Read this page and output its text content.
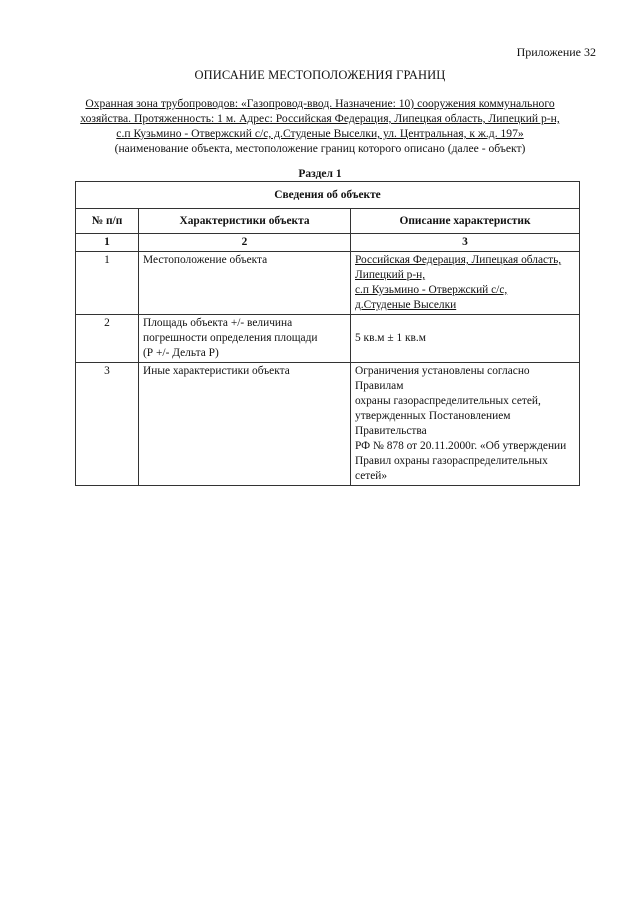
Приложение 32
ОПИСАНИЕ МЕСТОПОЛОЖЕНИЯ ГРАНИЦ
Охранная зона трубопроводов: «Газопровод-ввод. Назначение: 10) сооружения коммунального
хозяйства. Протяженность: 1 м. Адрес: Российская Федерация, Липецкая область, Липецкий р-н,
с.п Кузьмино - Отвержский с/с, д.Студеные Выселки, ул. Центральная, к ж.д. 197»
(наименование объекта, местоположение границ которого описано (далее - объект)
Раздел 1
Сведения об объекте		
№ п/п	Характеристики объекта	Описание характеристик
1	2	3
1	Местоположение объекта	Российская Федерация, Липецкая область,
Липецкий р-н,
с.п Кузьмино - Отвержский с/с,
д.Студеные Выселки

2	Площадь объекта +/- величина
погрешности определения площади
(Р +/- Дельта Р)	5 кв.м ± 1 кв.м
3	Иные характеристики объекта	Ограничения установлены согласно Правилам
охраны газораспределительных сетей,
утвержденных Постановлением Правительства
РФ № 878 от 20.11.2000г. «Об утверждении
Правил охраны газораспределительных сетей»
